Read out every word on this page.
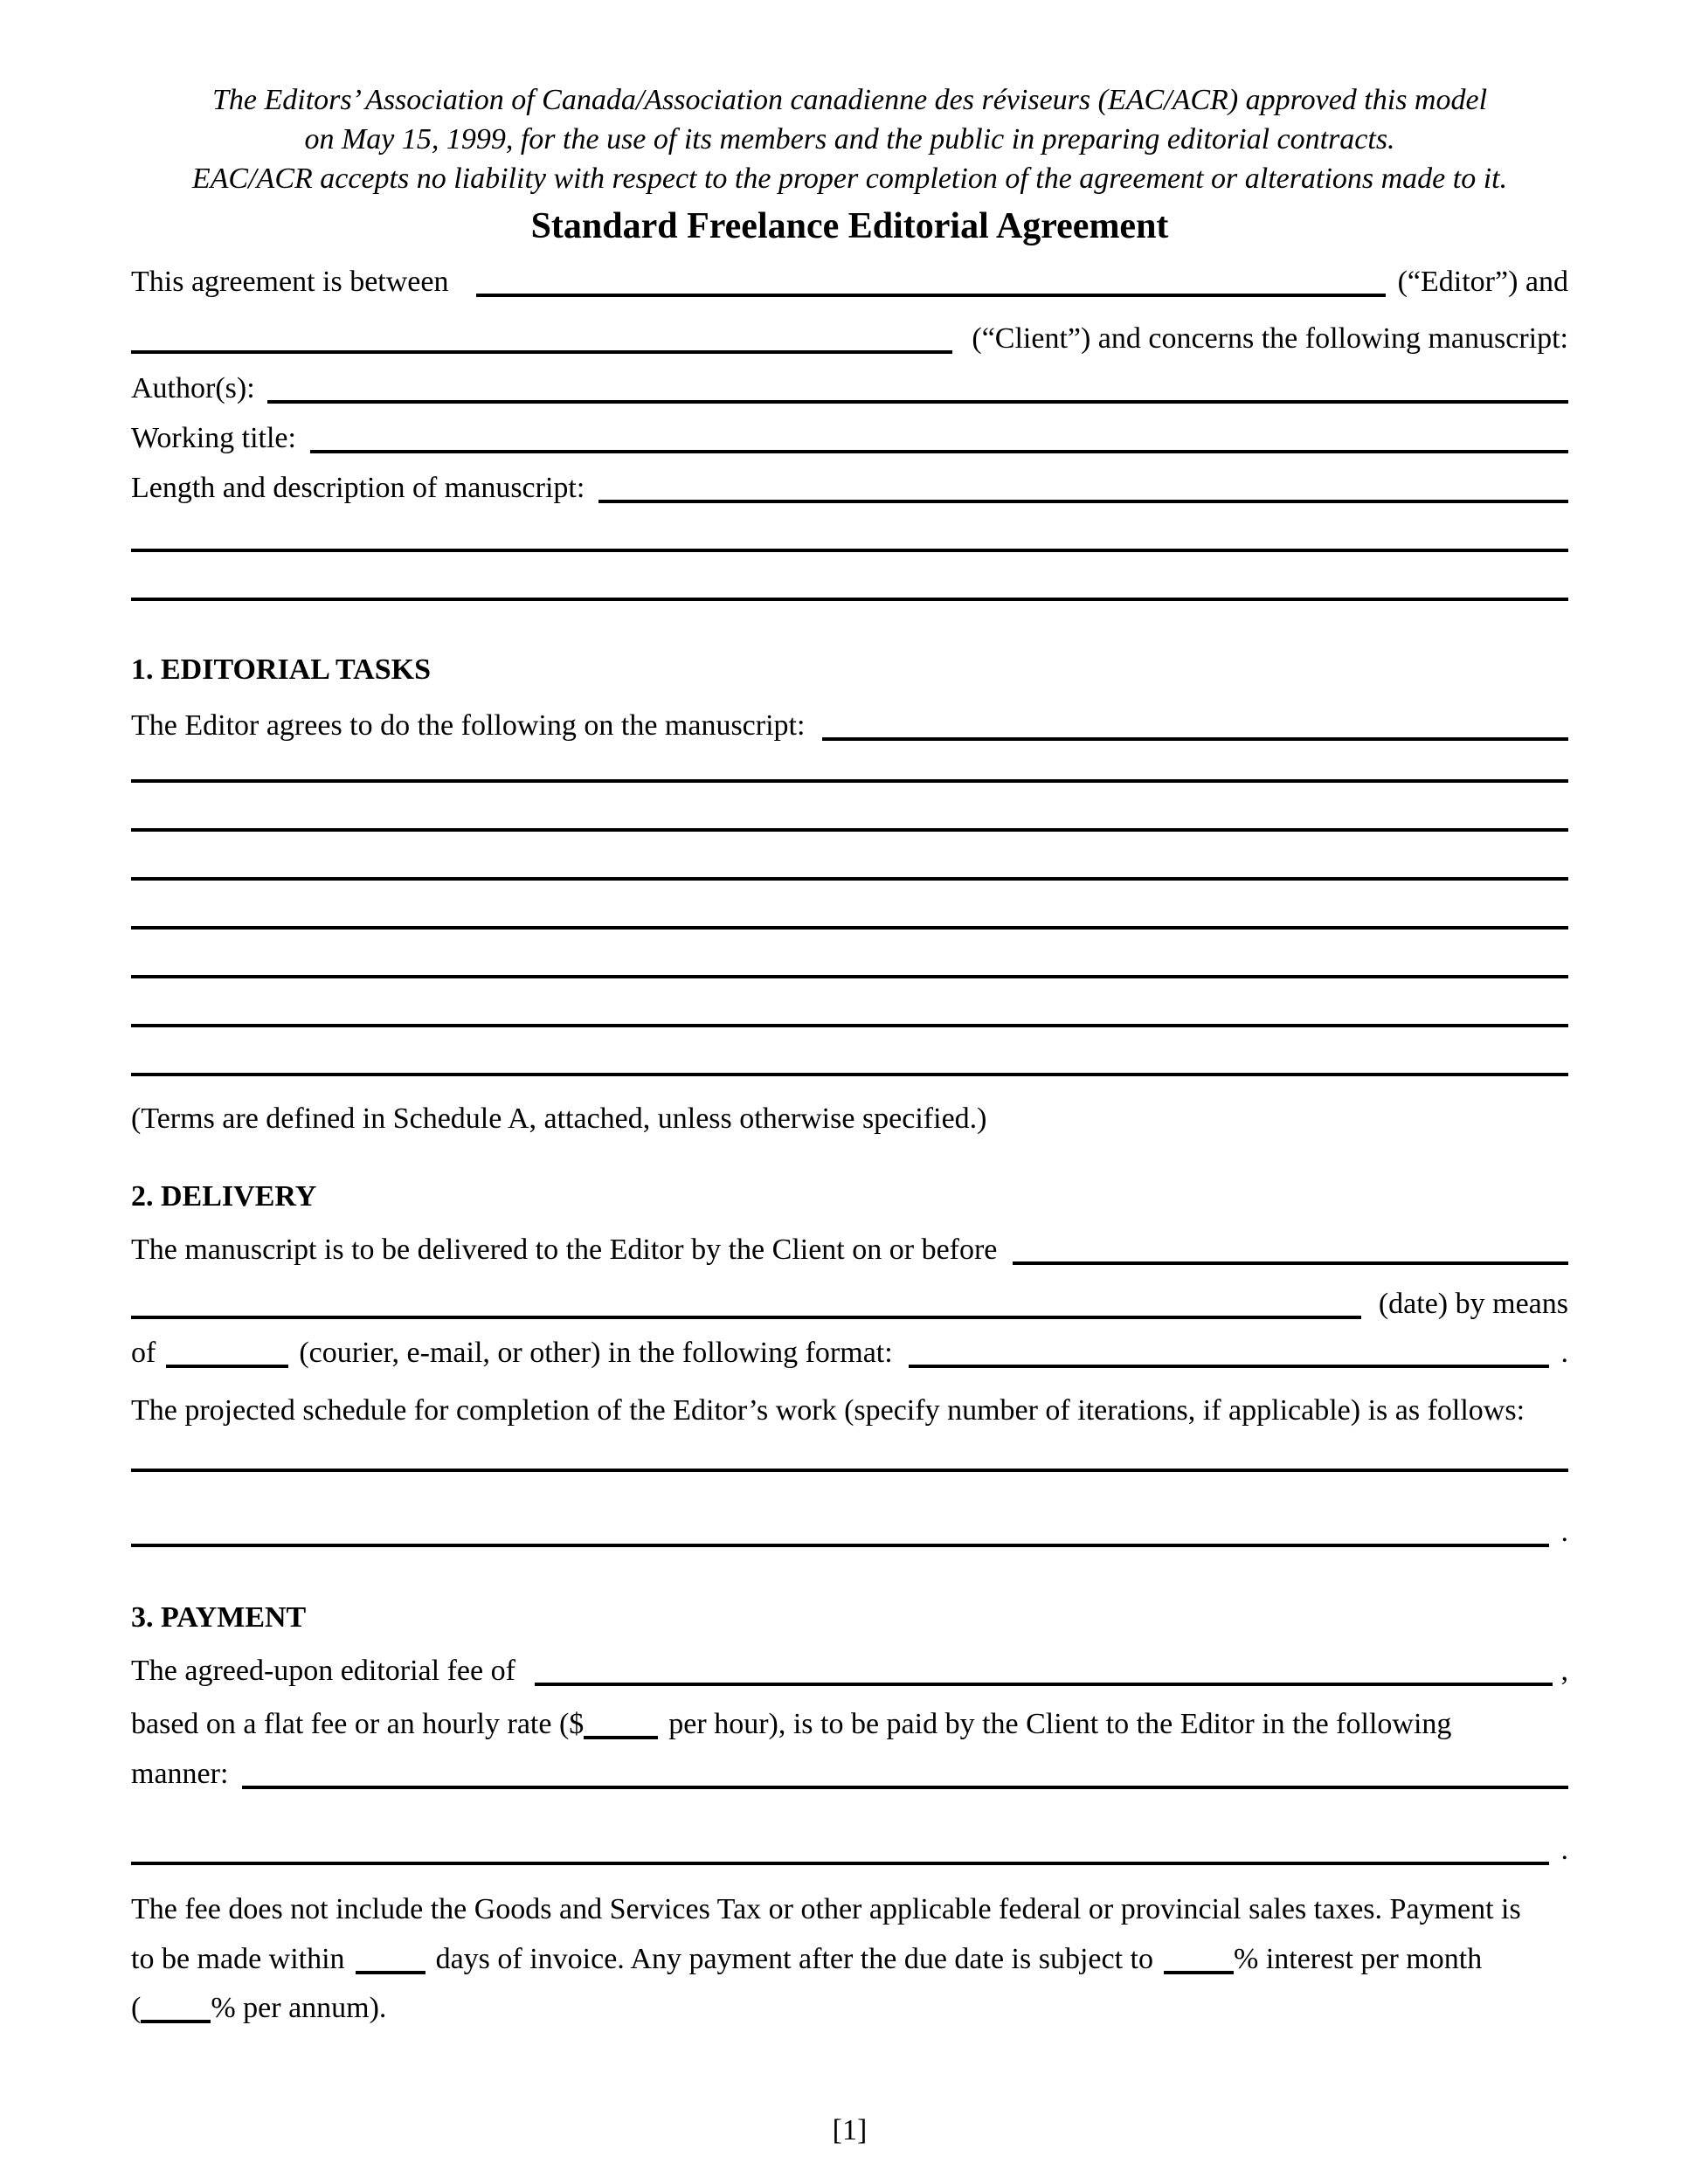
The Editors’ Association of Canada/Association canadienne des réviseurs (EAC/ACR) approved this model
on May 15, 1999, for the use of its members and the public in preparing editorial contracts.
EAC/ACR accepts no liability with respect to the proper completion of the agreement or alterations made to it.
Standard Freelance Editorial Agreement
This agreement is between	(“Editor”) and
(“Client”) and concerns the following manuscript:
Author(s):
Working title:
Length and description of manuscript:
1. EDITORIAL TASKS
The Editor agrees to do the following on the manuscript:
(Terms are defined in Schedule A, attached, unless otherwise specified.)
2. DELIVERY
The manuscript is to be delivered to the Editor by the Client on or before
(date) by means
of	(courier, e-mail, or other) in the following format:	.
The projected schedule for completion of the Editor’s work (specify number of iterations, if applicable) is as follows:
.
3. PAYMENT
The agreed-upon editorial fee of	,
based on a flat fee or an hourly rate ($	per hour), is to be paid by the Client to the Editor in the following
manner:
.
The fee does not include the Goods and Services Tax or other applicable federal or provincial sales taxes. Payment is
to be made within	days of invoice. Any payment after the due date is subject to	% interest per month
( % per annum).
[1]
